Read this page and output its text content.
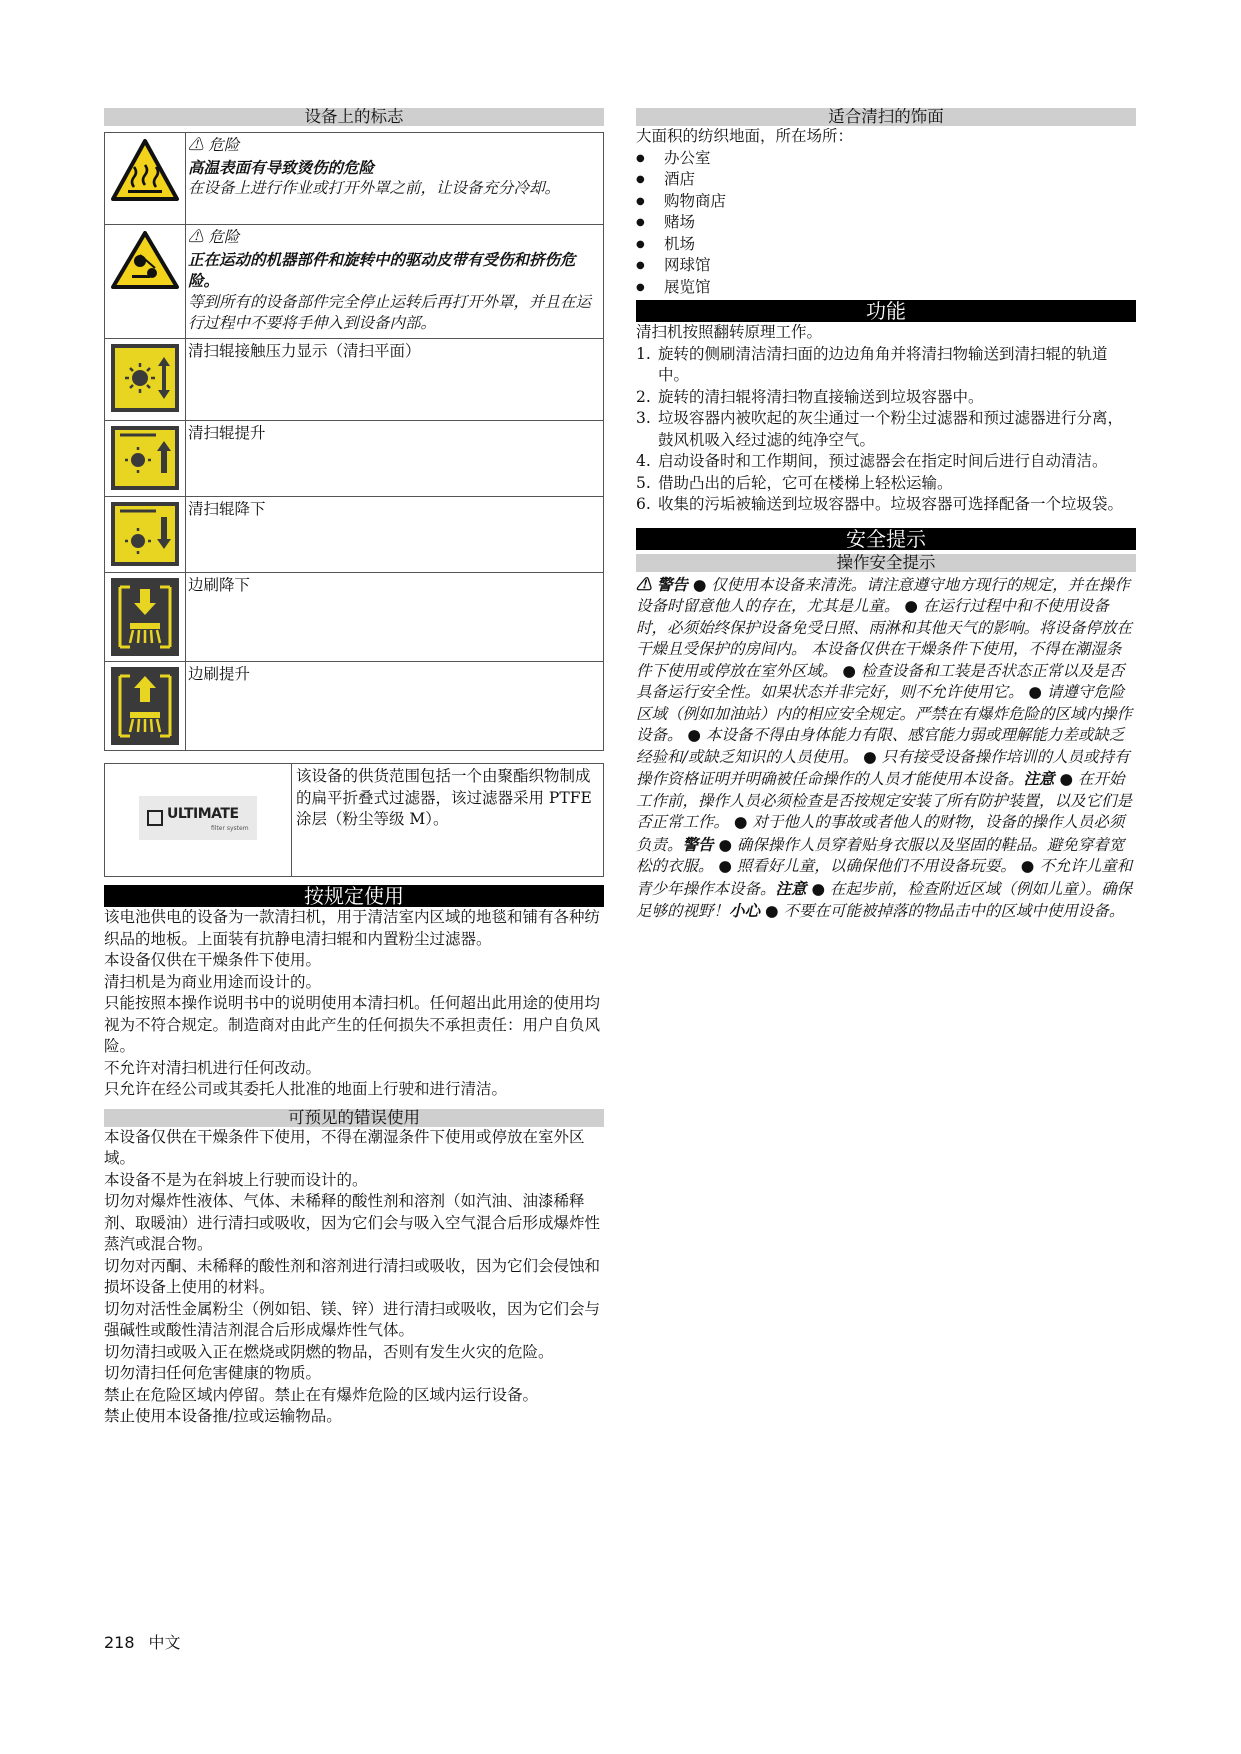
设备上的标志

⚠ 危险
高温表面有导致烫伤的危险
在设备上进行作业或打开外罩之前，让设备充分冷却。

⚠ 危险
正在运动的机器部件和旋转中的驱动皮带有受伤和挤伤危险。
等到所有的设备部件完全停止运转后再打开外罩，并且在运行过程中不要将手伸入到设备内部。

清扫辊接触压力显示（清扫平面）

清扫辊提升

清扫辊降下

边刷降下

边刷提升
ULTIMATE
filter system
	该设备的供货范围包括一个由聚酯织物制成的扁平折叠式过滤器，该过滤器采用 PTFE 涂层（粉尘等级 M）。
按规定使用

该电池供电的设备为一款清扫机，用于清洁室内区域的地毯和铺有各种纺织品的地板。上面装有抗静电清扫辊和内置粉尘过滤器。

本设备仅供在干燥条件下使用。

清扫机是为商业用途而设计的。

只能按照本操作说明书中的说明使用本清扫机。任何超出此用途的使用均视为不符合规定。制造商对由此产生的任何损失不承担责任：用户自负风险。

不允许对清扫机进行任何改动。

只允许在经公司或其委托人批准的地面上行驶和进行清洁。

可预见的错误使用

本设备仅供在干燥条件下使用，不得在潮湿条件下使用或停放在室外区域。

本设备不是为在斜坡上行驶而设计的。

切勿对爆炸性液体、气体、未稀释的酸性剂和溶剂（如汽油、油漆稀释剂、取暖油）进行清扫或吸收，因为它们会与吸入空气混合后形成爆炸性蒸汽或混合物。

切勿对丙酮、未稀释的酸性剂和溶剂进行清扫或吸收，因为它们会侵蚀和损坏设备上使用的材料。

切勿对活性金属粉尘（例如铝、镁、锌）进行清扫或吸收，因为它们会与强碱性或酸性清洁剂混合后形成爆炸性气体。

切勿清扫或吸入正在燃烧或阴燃的物品，否则有发生火灾的危险。

切勿清扫任何危害健康的物质。

禁止在危险区域内停留。禁止在有爆炸危险的区域内运行设备。

禁止使用本设备推/拉或运输物品。

适合清扫的饰面

大面积的纺织地面，所在场所：

● 办公室
● 酒店
● 购物商店
● 赌场
● 机场
● 网球馆
● 展览馆
功能

清扫机按照翻转原理工作。

1. 旋转的侧刷清洁清扫面的边边角角并将清扫物输送到清扫辊的轨道中。
2. 旋转的清扫辊将清扫物直接输送到垃圾容器中。
3. 垃圾容器内被吹起的灰尘通过一个粉尘过滤器和预过滤器进行分离，鼓风机吸入经过滤的纯净空气。
4. 启动设备时和工作期间，预过滤器会在指定时间后进行自动清洁。
5. 借助凸出的后轮，它可在楼梯上轻松运输。
6. 收集的污垢被输送到垃圾容器中。垃圾容器可选择配备一个垃圾袋。
安全提示
操作安全提示
⚠ 警告 ● 仅使用本设备来清洗。请注意遵守地方现行的规定，并在操作设备时留意他人的存在，尤其是儿童。 ● 在运行过程中和不使用设备时，必须始终保护设备免受日照、雨淋和其他天气的影响。将设备停放在干燥且受保护的房间内。 本设备仅供在干燥条件下使用，不得在潮湿条件下使用或停放在室外区域。 ● 检查设备和工装是否状态正常以及是否具备运行安全性。如果状态并非完好，则不允许使用它。 ● 请遵守危险区域（例如加油站）内的相应安全规定。严禁在有爆炸危险的区域内操作设备。 ● 本设备不得由身体能力有限、感官能力弱或理解能力差或缺乏经验和/或缺乏知识的人员使用。 ● 只有接受设备操作培训的人员或持有操作资格证明并明确被任命操作的人员才能使用本设备。注意 ● 在开始工作前，操作人员必须检查是否按规定安装了所有防护装置，以及它们是否正常工作。 ● 对于他人的事故或者他人的财物，设备的操作人员必须负责。警告 ● 确保操作人员穿着贴身衣服以及坚固的鞋品。避免穿着宽松的衣服。 ● 照看好儿童，以确保他们不用设备玩耍。 ● 不允许儿童和青少年操作本设备。注意 ● 在起步前，检查附近区域（例如儿童）。确保足够的视野！小心 ● 不要在可能被掉落的物品击中的区域中使用设备。
218 中文
